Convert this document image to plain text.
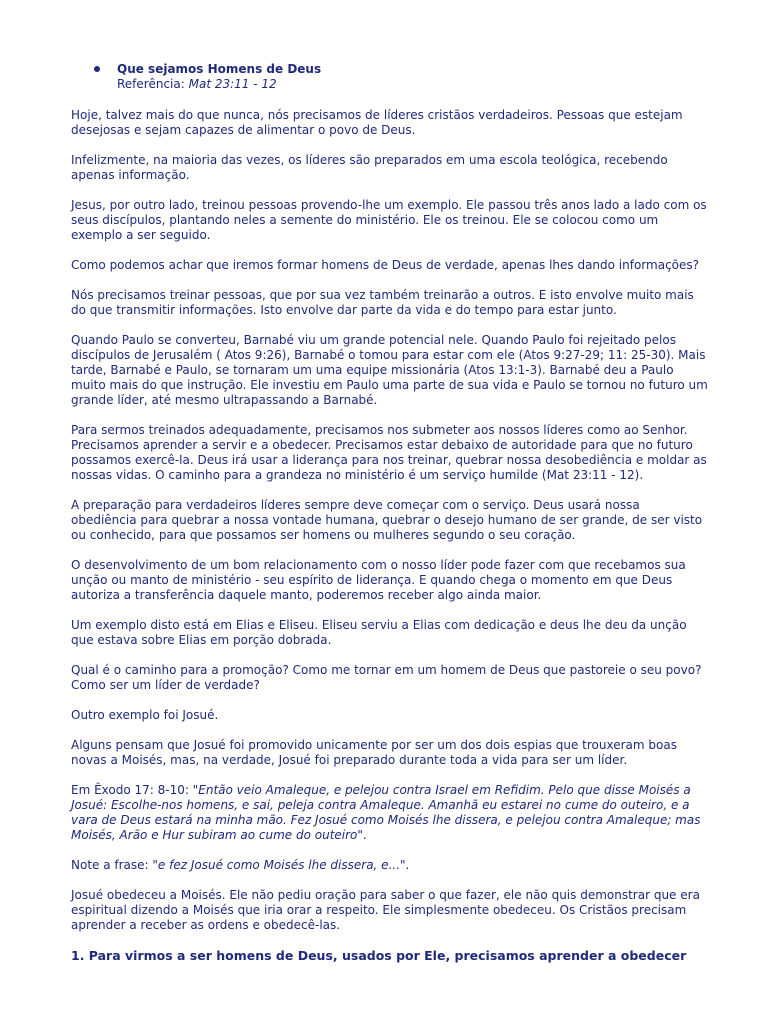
Que sejamos Homens de Deus
Referência: Mat 23:11 - 12

Hoje, talvez mais do que nunca, nós precisamos de líderes cristãos verdadeiros. Pessoas que estejam desejosas e sejam capazes de alimentar o povo de Deus.

Infelizmente, na maioria das vezes, os líderes são preparados em uma escola teológica, recebendo apenas informação.

Jesus, por outro lado, treinou pessoas provendo-lhe um exemplo. Ele passou três anos lado a lado com os seus discípulos, plantando neles a semente do ministério. Ele os treinou. Ele se colocou como um exemplo a ser seguido.

Como podemos achar que iremos formar homens de Deus de verdade, apenas lhes dando informações?

Nós precisamos treinar pessoas, que por sua vez também treinarão a outros. E isto envolve muito mais do que transmitir informações. Isto envolve dar parte da vida e do tempo para estar junto.

Quando Paulo se converteu, Barnabé viu um grande potencial nele. Quando Paulo foi rejeitado pelos discípulos de Jerusalém ( Atos 9:26), Barnabé o tomou para estar com ele (Atos 9:27-29; 11: 25-30). Mais tarde, Barnabé e Paulo, se tornaram um uma equipe missionária (Atos 13:1-3). Barnabé deu a Paulo muito mais do que instrução. Ele investiu em Paulo uma parte de sua vida e Paulo se tornou no futuro um grande líder, até mesmo ultrapassando a Barnabé.

Para sermos treinados adequadamente, precisamos nos submeter aos nossos líderes como ao Senhor. Precisamos aprender a servir e a obedecer. Precisamos estar debaixo de autoridade para que no futuro possamos exercê-la. Deus irá usar a liderança para nos treinar, quebrar nossa desobediência e moldar as nossas vidas. O caminho para a grandeza no ministério é um serviço humilde (Mat 23:11 - 12).

A preparação para verdadeiros líderes sempre deve começar com o serviço. Deus usará nossa obediência para quebrar a nossa vontade humana, quebrar o desejo humano de ser grande, de ser visto ou conhecido, para que possamos ser homens ou mulheres segundo o seu coração.

O desenvolvimento de um bom relacionamento com o nosso líder pode fazer com que recebamos sua unção ou manto de ministério - seu espírito de liderança. E quando chega o momento em que Deus autoriza a transferência daquele manto, poderemos receber algo ainda maior.

Um exemplo disto está em Elias e Eliseu. Eliseu serviu a Elias com dedicação e deus lhe deu da unção que estava sobre Elias em porção dobrada.

Qual é o caminho para a promoção? Como me tornar em um homem de Deus que pastoreie o seu povo? Como ser um líder de verdade?

Outro exemplo foi Josué.

Alguns pensam que Josué foi promovido unicamente por ser um dos dois espias que trouxeram boas novas a Moisés, mas, na verdade, Josué foi preparado durante toda a vida para ser um líder.

Em Êxodo 17: 8-10: "Então veio Amaleque, e pelejou contra Israel em Refidim. Pelo que disse Moisés a Josué: Escolhe-nos homens, e sai, peleja contra Amaleque. Amanhã eu estarei no cume do outeiro, e a vara de Deus estará na minha mão. Fez Josué como Moisés lhe dissera, e pelejou contra Amaleque; mas Moisés, Arão e Hur subiram ao cume do outeiro".

Note a frase: "e fez Josué como Moisés lhe dissera, e...".

Josué obedeceu a Moisés. Ele não pediu oração para saber o que fazer, ele não quis demonstrar que era espiritual dizendo a Moisés que iria orar a respeito. Ele simplesmente obedeceu. Os Cristãos precisam aprender a receber as ordens e obedecê-las.

1. Para virmos a ser homens de Deus, usados por Ele, precisamos aprender a obedecer
